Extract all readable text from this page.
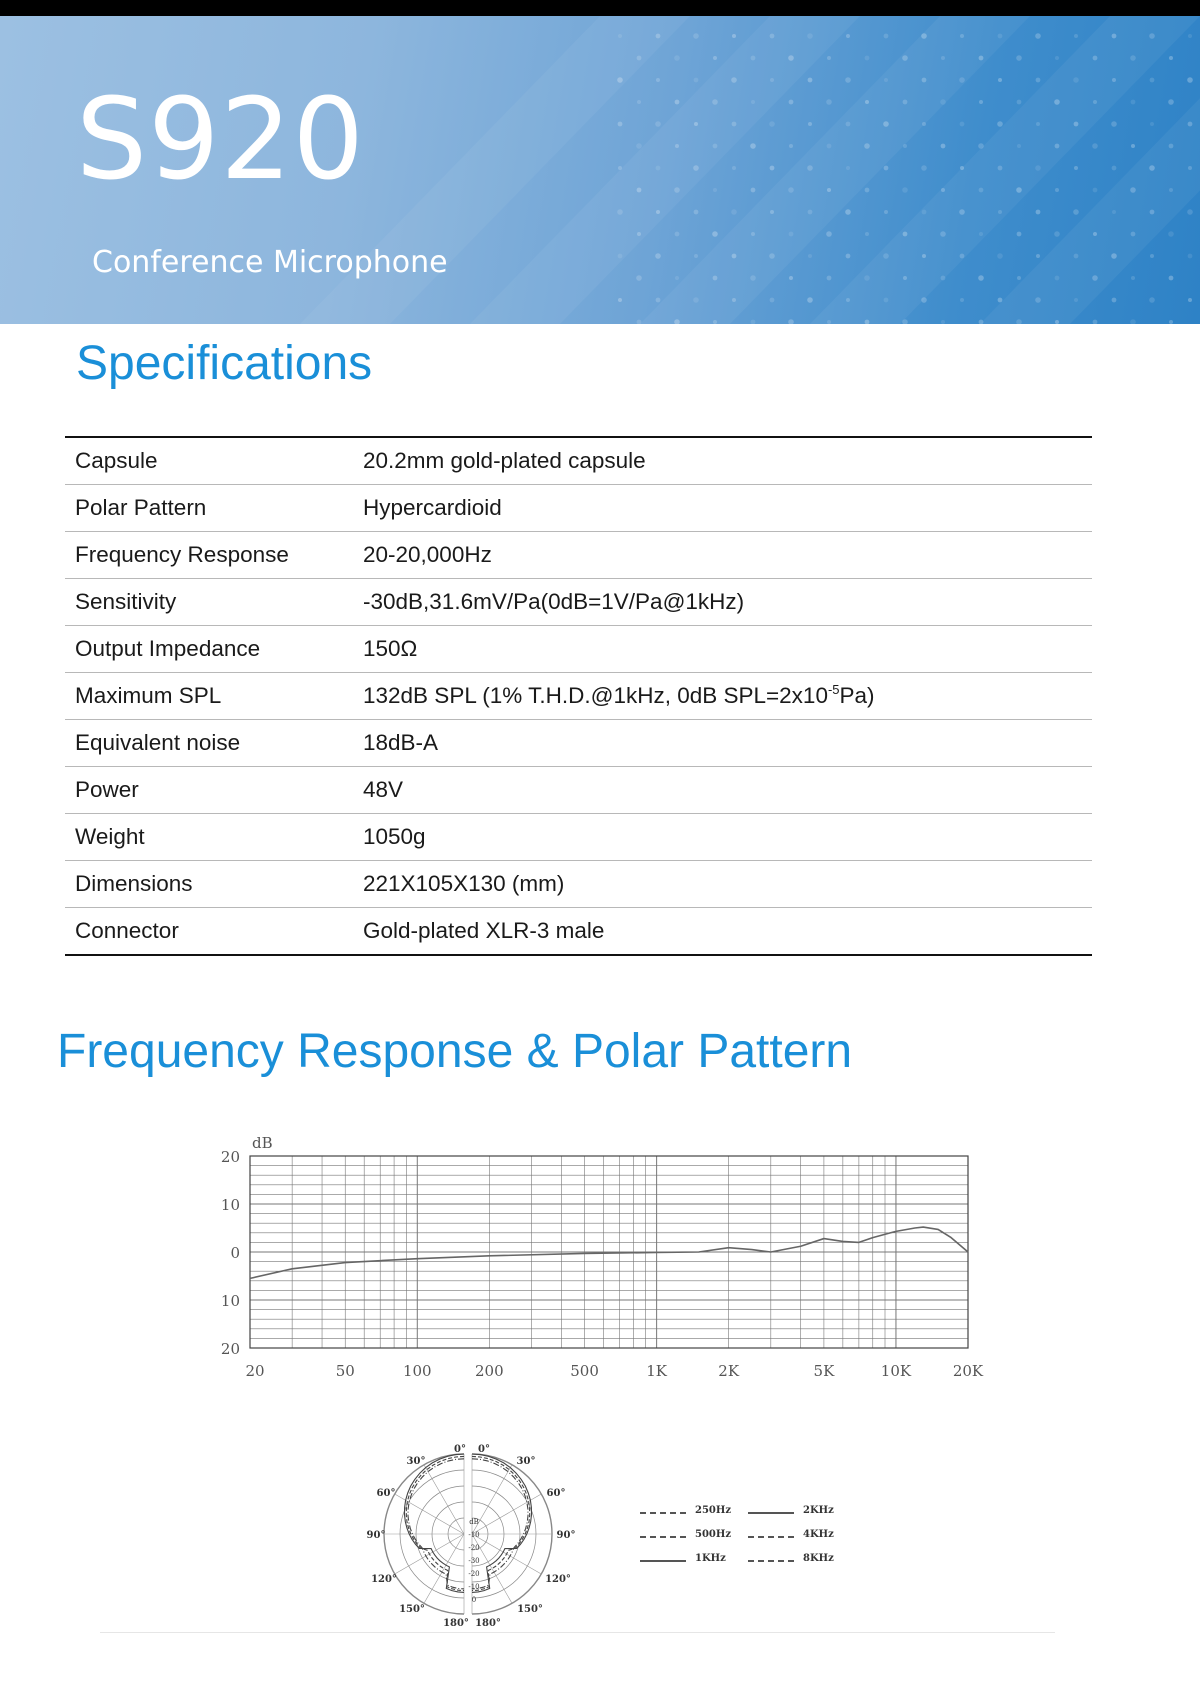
S920
Conference Microphone
Specifications
Capsule	20.2mm gold-plated capsule
Polar Pattern	Hypercardioid
Frequency Response	20-20,000Hz
Sensitivity	-30dB,31.6mV/Pa(0dB=1V/Pa@1kHz)
Output Impedance	150Ω
Maximum SPL	132dB SPL (1% T.H.D.@1kHz, 0dB $SPL=2x10^{-5}Pa$)
Equivalent noise	18dB-A
Power	48V
Weight	1050g
Dimensions	221X105X130 (mm)
Connector	Gold-plated XLR-3 male
Frequency Response & Polar Pattern
dB
20
10
0
10
20
20	50	100	200	500	1K	2K	5K	10K	20K
0°
30°
60°
90°
120°
150°
180°
0°
30°
60°
90°
120°
150°
180°
dB
-10
-20
-30
-20
-10
0
250Hz
500Hz
1KHz
2KHz
4KHz
8KHz
